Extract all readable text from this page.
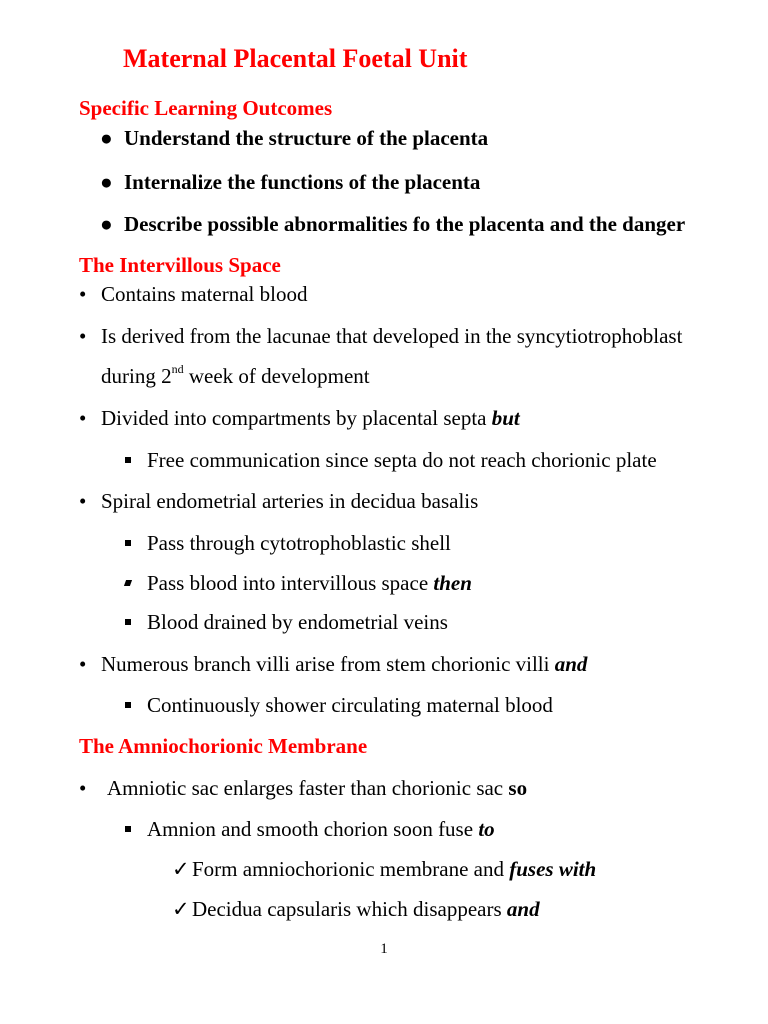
Maternal Placental Foetal Unit
Specific Learning Outcomes
● Understand the structure of the placenta
● Internalize the functions of the placenta
● Describe possible abnormalities fo the placenta and the danger
The Intervillous Space
• Contains maternal blood
• Is derived from the lacunae that developed in the syncytiotrophoblast
during 2nd week of development
• Divided into compartments by placental septa but
Free communication since septa do not reach chorionic plate
• Spiral endometrial arteries in decidua basalis
Pass through cytotrophoblastic shell
Pass blood into intervillous space then
Blood drained by endometrial veins
• Numerous branch villi arise from stem chorionic villi and
Continuously shower circulating maternal blood
The Amniochorionic Membrane
• Amniotic sac enlarges faster than chorionic sac so
Amnion and smooth chorion soon fuse to
✓ Form amniochorionic membrane and fuses with
✓ Decidua capsularis which disappears and
1
